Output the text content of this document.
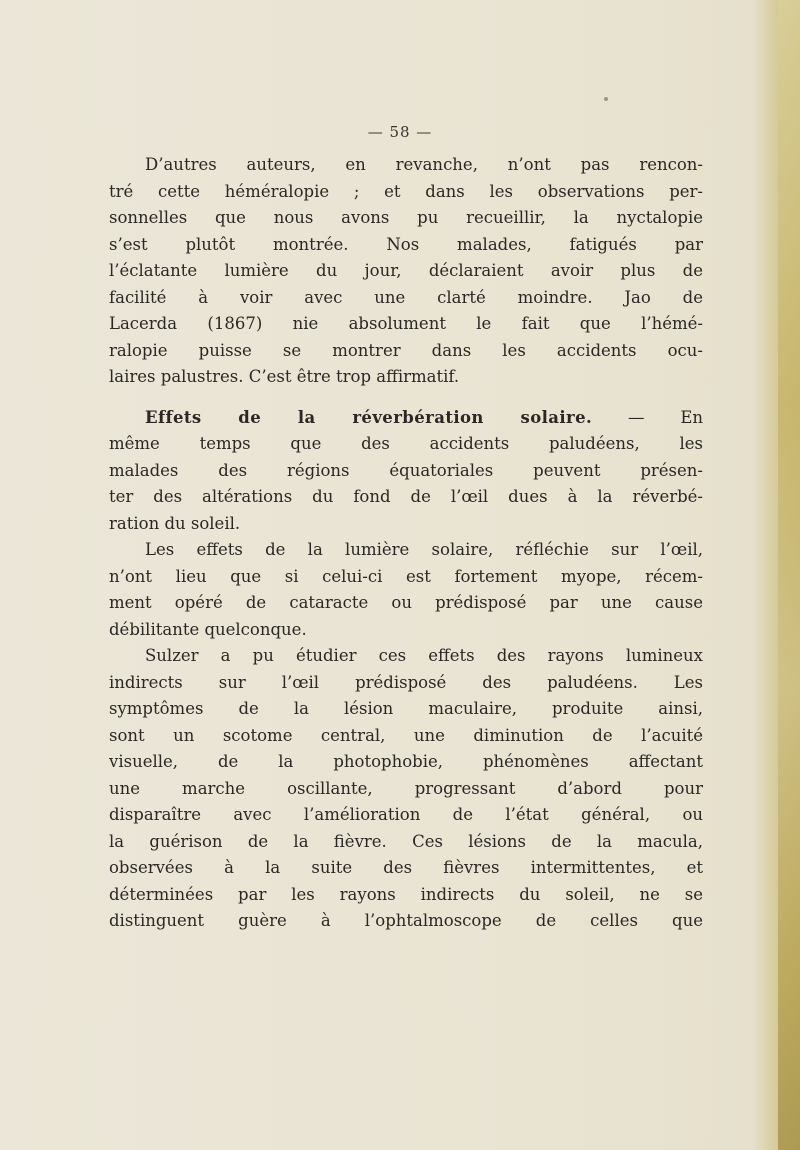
— 58 —
D’autres auteurs, en revanche, n’ont pas rencon-
tré cette héméralopie ; et dans les observations per-
sonnelles que nous avons pu recueillir, la nyctalopie
s’est plutôt montrée. Nos malades, fatigués par
l’éclatante lumière du jour, déclaraient avoir plus de
facilité à voir avec une clarté moindre. Jao de
Lacerda (1867) nie absolument le fait que l’hémé-
ralopie puisse se montrer dans les accidents ocu-
laires palustres. C’est être trop affirmatif.
Effets de la réverbération solaire. — En
même temps que des accidents paludéens, les
malades des régions équatoriales peuvent présen-
ter des altérations du fond de l’œil dues à la réverbé-
ration du soleil.
Les effets de la lumière solaire, réfléchie sur l’œil,
n’ont lieu que si celui-ci est fortement myope, récem-
ment opéré de cataracte ou prédisposé par une cause
débilitante quelconque.
Sulzer a pu étudier ces effets des rayons lumineux
indirects sur l’œil prédisposé des paludéens. Les
symptômes de la lésion maculaire, produite ainsi,
sont un scotome central, une diminution de l’acuité
visuelle, de la photophobie, phénomènes affectant
une marche oscillante, progressant d’abord pour
disparaître avec l’amélioration de l’état général, ou
la guérison de la fièvre. Ces lésions de la macula,
observées à la suite des fièvres intermittentes, et
déterminées par les rayons indirects du soleil, ne se
distinguent guère à l’ophtalmoscope de celles que
